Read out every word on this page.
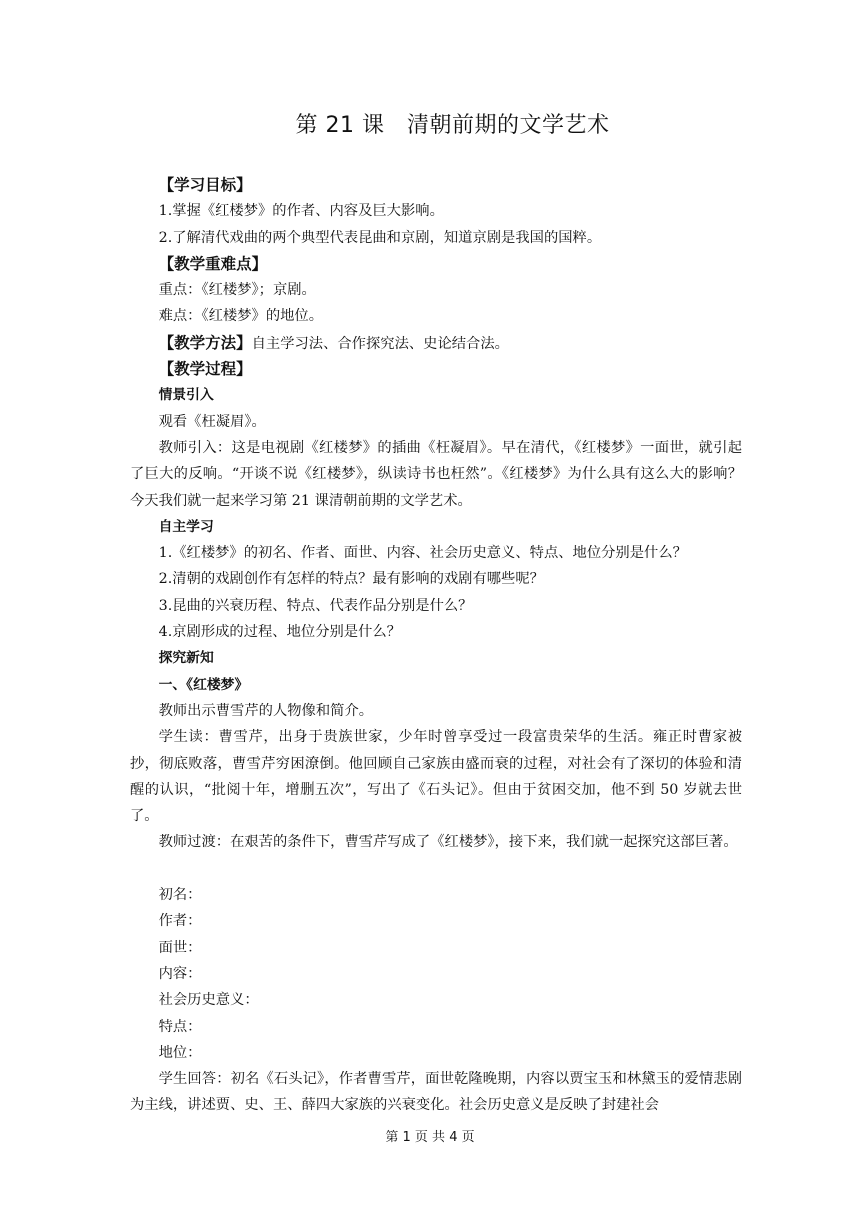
第 21 课　清朝前期的文学艺术
【学习目标】
1.掌握《红楼梦》的作者、内容及巨大影响。
2.了解清代戏曲的两个典型代表昆曲和京剧，知道京剧是我国的国粹。
【教学重难点】
重点：《红楼梦》；京剧。
难点：《红楼梦》的地位。
【教学方法】自主学习法、合作探究法、史论结合法。
【教学过程】
情景引入
观看《枉凝眉》。
教师引入：这是电视剧《红楼梦》的插曲《枉凝眉》。早在清代，《红楼梦》一面世，就引起了巨大的反响。“开谈不说《红楼梦》，纵读诗书也枉然”。《红楼梦》为什么具有这么大的影响？今天我们就一起来学习第 21 课清朝前期的文学艺术。
自主学习
1.《红楼梦》的初名、作者、面世、内容、社会历史意义、特点、地位分别是什么？
2.清朝的戏剧创作有怎样的特点？最有影响的戏剧有哪些呢？
3.昆曲的兴衰历程、特点、代表作品分别是什么？
4.京剧形成的过程、地位分别是什么？
探究新知
一、《红楼梦》
教师出示曹雪芹的人物像和简介。
学生读：曹雪芹，出身于贵族世家，少年时曾享受过一段富贵荣华的生活。雍正时曹家被抄，彻底败落，曹雪芹穷困潦倒。他回顾自己家族由盛而衰的过程，对社会有了深切的体验和清醒的认识，“批阅十年，增删五次”，写出了《石头记》。但由于贫困交加，他不到 50 岁就去世了。
教师过渡：在艰苦的条件下，曹雪芹写成了《红楼梦》，接下来，我们就一起探究这部巨著。
初名：
作者：
面世：
内容：
社会历史意义：
特点：
地位：
学生回答：初名《石头记》，作者曹雪芹，面世乾隆晚期，内容以贾宝玉和林黛玉的爱情悲剧为主线，讲述贾、史、王、薛四大家族的兴衰变化。社会历史意义是反映了封建社会
第 1 页 共 4 页
